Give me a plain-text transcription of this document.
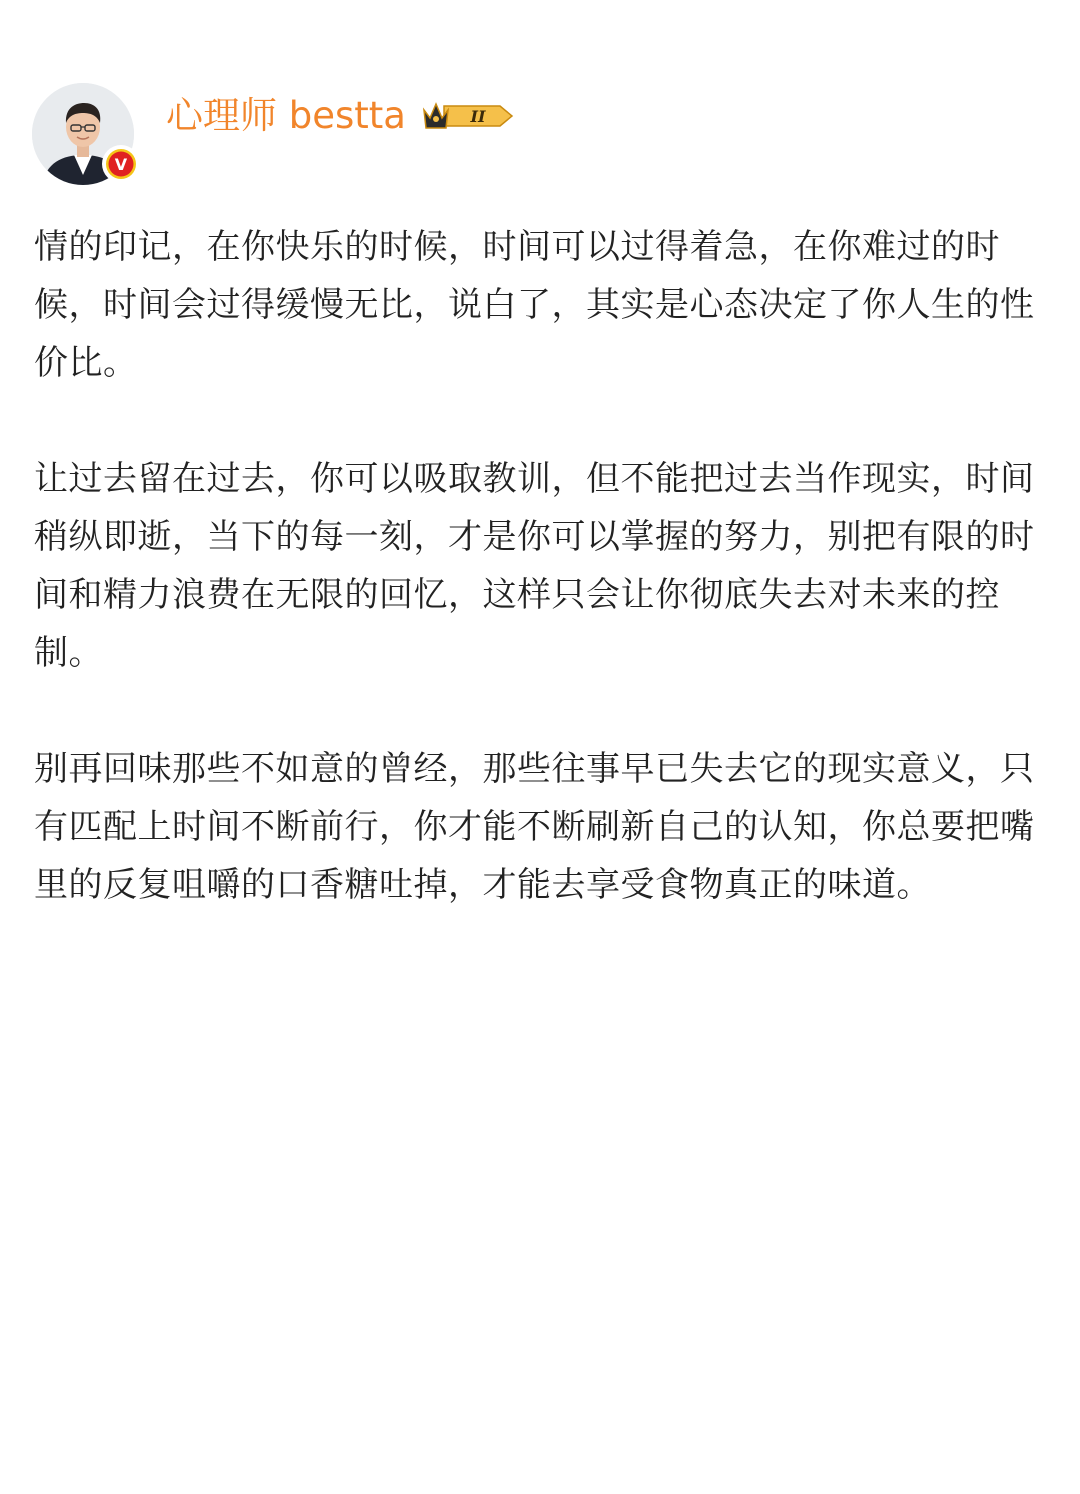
V
心理师 bestta	II

情的印记，在你快乐的时候，时间可以过得着急，在你难过的时候，时间会过得缓慢无比，说白了，其实是心态决定了你人生的性价比。

让过去留在过去，你可以吸取教训，但不能把过去当作现实，时间稍纵即逝，当下的每一刻，才是你可以掌握的努力，别把有限的时间和精力浪费在无限的回忆，这样只会让你彻底失去对未来的控制。

别再回味那些不如意的曾经，那些往事早已失去它的现实意义，只有匹配上时间不断前行，你才能不断刷新自己的认知，你总要把嘴里的反复咀嚼的口香糖吐掉，才能去享受食物真正的味道。
